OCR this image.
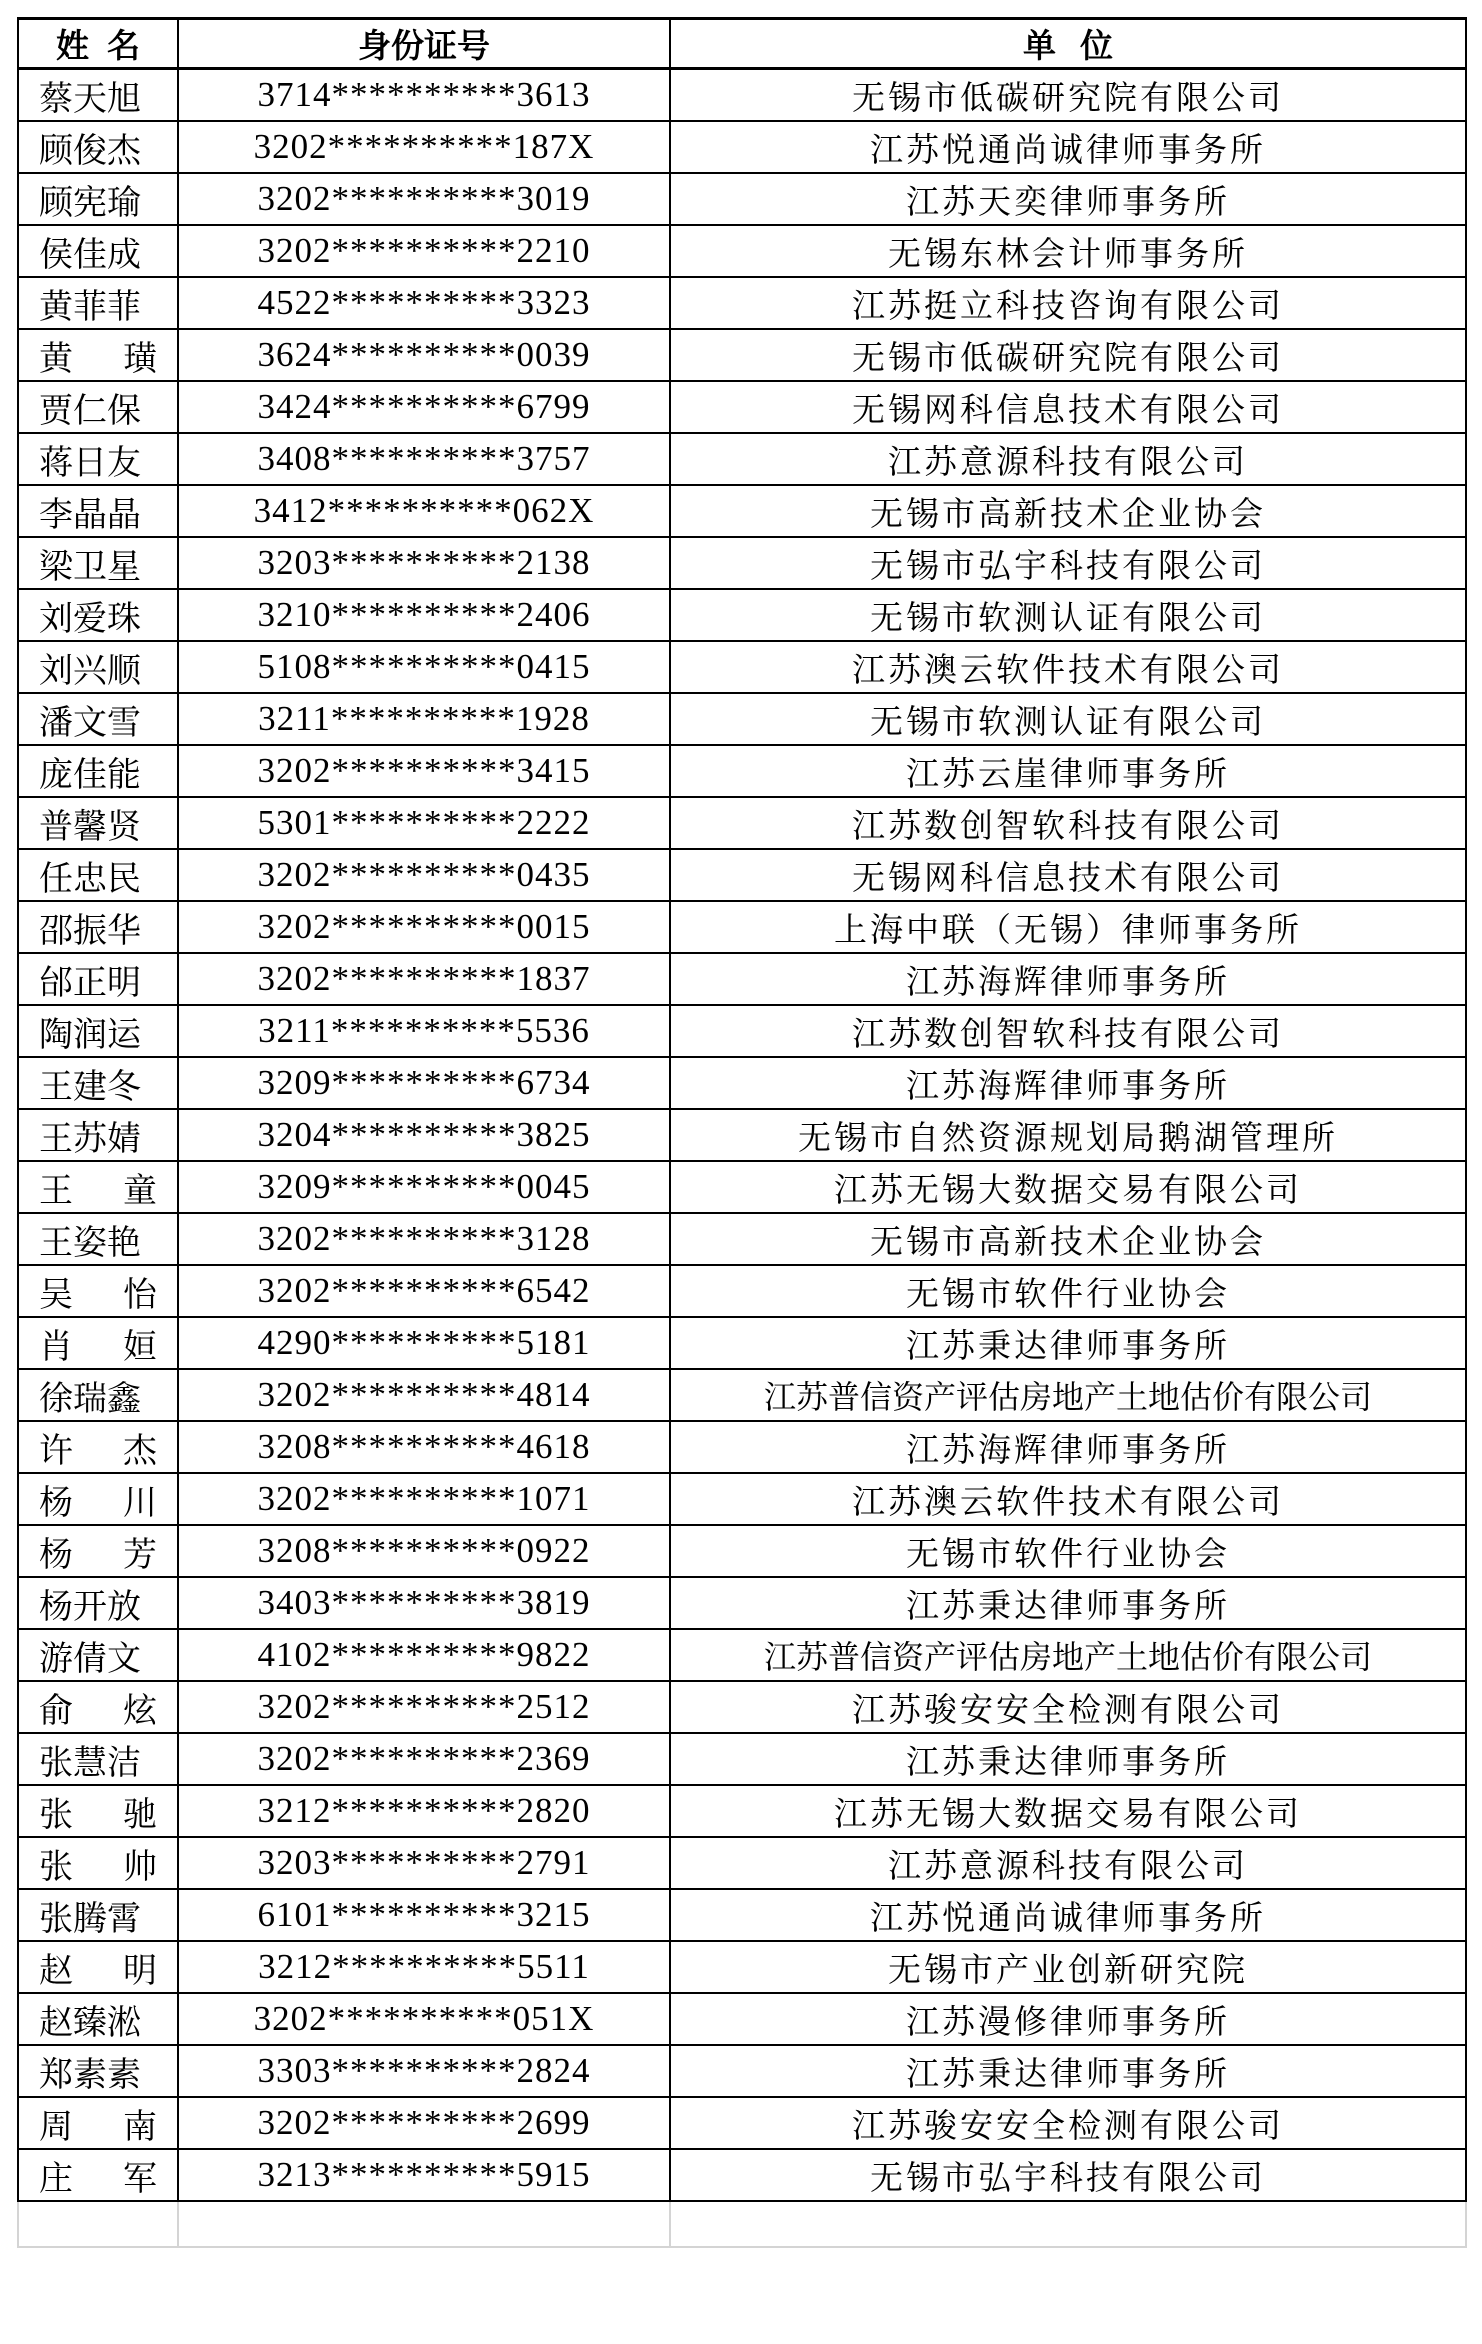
姓名	身份证号	单位
蔡天旭	3714**********3613	无锡市低碳研究院有限公司
顾俊杰	3202**********187X	江苏悦通尚诚律师事务所
顾宪瑜	3202**********3019	江苏天奕律师事务所
侯佳成	3202**********2210	无锡东林会计师事务所
黄菲菲	4522**********3323	江苏挺立科技咨询有限公司
黄璜	3624**********0039	无锡市低碳研究院有限公司
贾仁保	3424**********6799	无锡网科信息技术有限公司
蒋日友	3408**********3757	江苏意源科技有限公司
李晶晶	3412**********062X	无锡市高新技术企业协会
梁卫星	3203**********2138	无锡市弘宇科技有限公司
刘爱珠	3210**********2406	无锡市软测认证有限公司
刘兴顺	5108**********0415	江苏澳云软件技术有限公司
潘文雪	3211**********1928	无锡市软测认证有限公司
庞佳能	3202**********3415	江苏云崖律师事务所
普馨贤	5301**********2222	江苏数创智软科技有限公司
任忠民	3202**********0435	无锡网科信息技术有限公司
邵振华	3202**********0015	上海中联（无锡）律师事务所
邰正明	3202**********1837	江苏海辉律师事务所
陶润运	3211**********5536	江苏数创智软科技有限公司
王建冬	3209**********6734	江苏海辉律师事务所
王苏婧	3204**********3825	无锡市自然资源规划局鹅湖管理所
王童	3209**********0045	江苏无锡大数据交易有限公司
王姿艳	3202**********3128	无锡市高新技术企业协会
吴怡	3202**********6542	无锡市软件行业协会
肖姮	4290**********5181	江苏秉达律师事务所
徐瑞鑫	3202**********4814	江苏普信资产评估房地产土地估价有限公司
许杰	3208**********4618	江苏海辉律师事务所
杨川	3202**********1071	江苏澳云软件技术有限公司
杨芳	3208**********0922	无锡市软件行业协会
杨开放	3403**********3819	江苏秉达律师事务所
游倩文	4102**********9822	江苏普信资产评估房地产土地估价有限公司
俞炫	3202**********2512	江苏骏安安全检测有限公司
张慧洁	3202**********2369	江苏秉达律师事务所
张驰	3212**********2820	江苏无锡大数据交易有限公司
张帅	3203**********2791	江苏意源科技有限公司
张腾霄	6101**********3215	江苏悦通尚诚律师事务所
赵明	3212**********5511	无锡市产业创新研究院
赵臻淞	3202**********051X	江苏漫修律师事务所
郑素素	3303**********2824	江苏秉达律师事务所
周南	3202**********2699	江苏骏安安全检测有限公司
庄军	3213**********5915	无锡市弘宇科技有限公司
